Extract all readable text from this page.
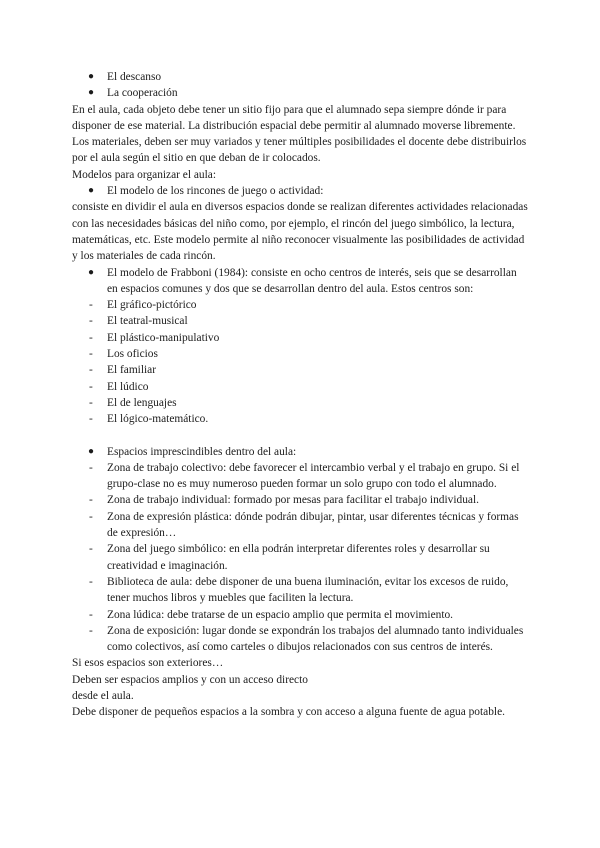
● El descanso
● La cooperación
En el aula, cada objeto debe tener un sitio fijo para que el alumnado sepa siempre dónde ir para disponer de ese material. La distribución espacial debe permitir al alumnado moverse libremente. Los materiales, deben ser muy variados y tener múltiples posibilidades el docente debe distribuirlos por el aula según el sitio en que deban de ir colocados.
Modelos para organizar el aula:
● El modelo de los rincones de juego o actividad:
consiste en dividir el aula en diversos espacios donde se realizan diferentes actividades relacionadas con las necesidades básicas del niño como, por ejemplo, el rincón del juego simbólico, la lectura, matemáticas, etc. Este modelo permite al niño reconocer visualmente las posibilidades de actividad y los materiales de cada rincón.
● El modelo de Frabboni (1984): consiste en ocho centros de interés, seis que se desarrollan en espacios comunes y dos que se desarrollan dentro del aula. Estos centros son:
- El gráfico-pictórico
- El teatral-musical
- El plástico-manipulativo
- Los oficios
- El familiar
- El lúdico
- El de lenguajes
- El lógico-matemático.
● Espacios imprescindibles dentro del aula:
- Zona de trabajo colectivo: debe favorecer el intercambio verbal y el trabajo en grupo. Si el grupo-clase no es muy numeroso pueden formar un solo grupo con todo el alumnado.
- Zona de trabajo individual: formado por mesas para facilitar el trabajo individual.
- Zona de expresión plástica: dónde podrán dibujar, pintar, usar diferentes técnicas y formas de expresión…
- Zona del juego simbólico: en ella podrán interpretar diferentes roles y desarrollar su creatividad e imaginación.
- Biblioteca de aula: debe disponer de una buena iluminación, evitar los excesos de ruido, tener muchos libros y muebles que faciliten la lectura.
- Zona lúdica: debe tratarse de un espacio amplio que permita el movimiento.
- Zona de exposición: lugar donde se expondrán los trabajos del alumnado tanto individuales como colectivos, así como carteles o dibujos relacionados con sus centros de interés.
Si esos espacios son exteriores…
Deben ser espacios amplios y con un acceso directo
desde el aula.
Debe disponer de pequeños espacios a la sombra y con acceso a alguna fuente de agua potable.
